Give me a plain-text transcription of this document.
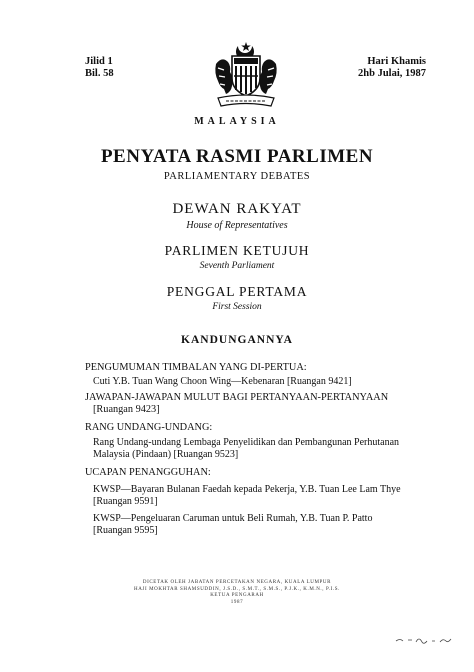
Jilid 1
Bil. 58
Hari Khamis
2hb Julai, 1987
MALAYSIA
PENYATA RASMI PARLIMEN
PARLIAMENTARY DEBATES
DEWAN RAKYAT
House of Representatives
PARLIMEN KETUJUH
Seventh Parliament
PENGGAL PERTAMA
First Session
KANDUNGANNYA
PENGUMUMAN TIMBALAN YANG DI-PERTUA:
Cuti Y.B. Tuan Wang Choon Wing—Kebenaran [Ruangan 9421]
JAWAPAN-JAWAPAN MULUT BAGI PERTANYAAN-PERTANYAAN
[Ruangan 9423]
RANG UNDANG-UNDANG:
Rang Undang-undang Lembaga Penyelidikan dan Pembangunan Perhutanan
Malaysia (Pindaan) [Ruangan 9523]
UCAPAN PENANGGUHAN:
KWSP—Bayaran Bulanan Faedah kepada Pekerja, Y.B. Tuan Lee Lam Thye
[Ruangan 9591]
KWSP—Pengeluaran Caruman untuk Beli Rumah, Y.B. Tuan P. Patto
[Ruangan 9595]
DICETAK OLEH JABATAN PERCETAKAN NEGARA, KUALA LUMPUR
HAJI MOKHTAR SHAMSUDDIN, J.S.D., S.M.T., S.M.S., P.J.K., K.M.N., P.I.S.
KETUA PENGARAH
1987
